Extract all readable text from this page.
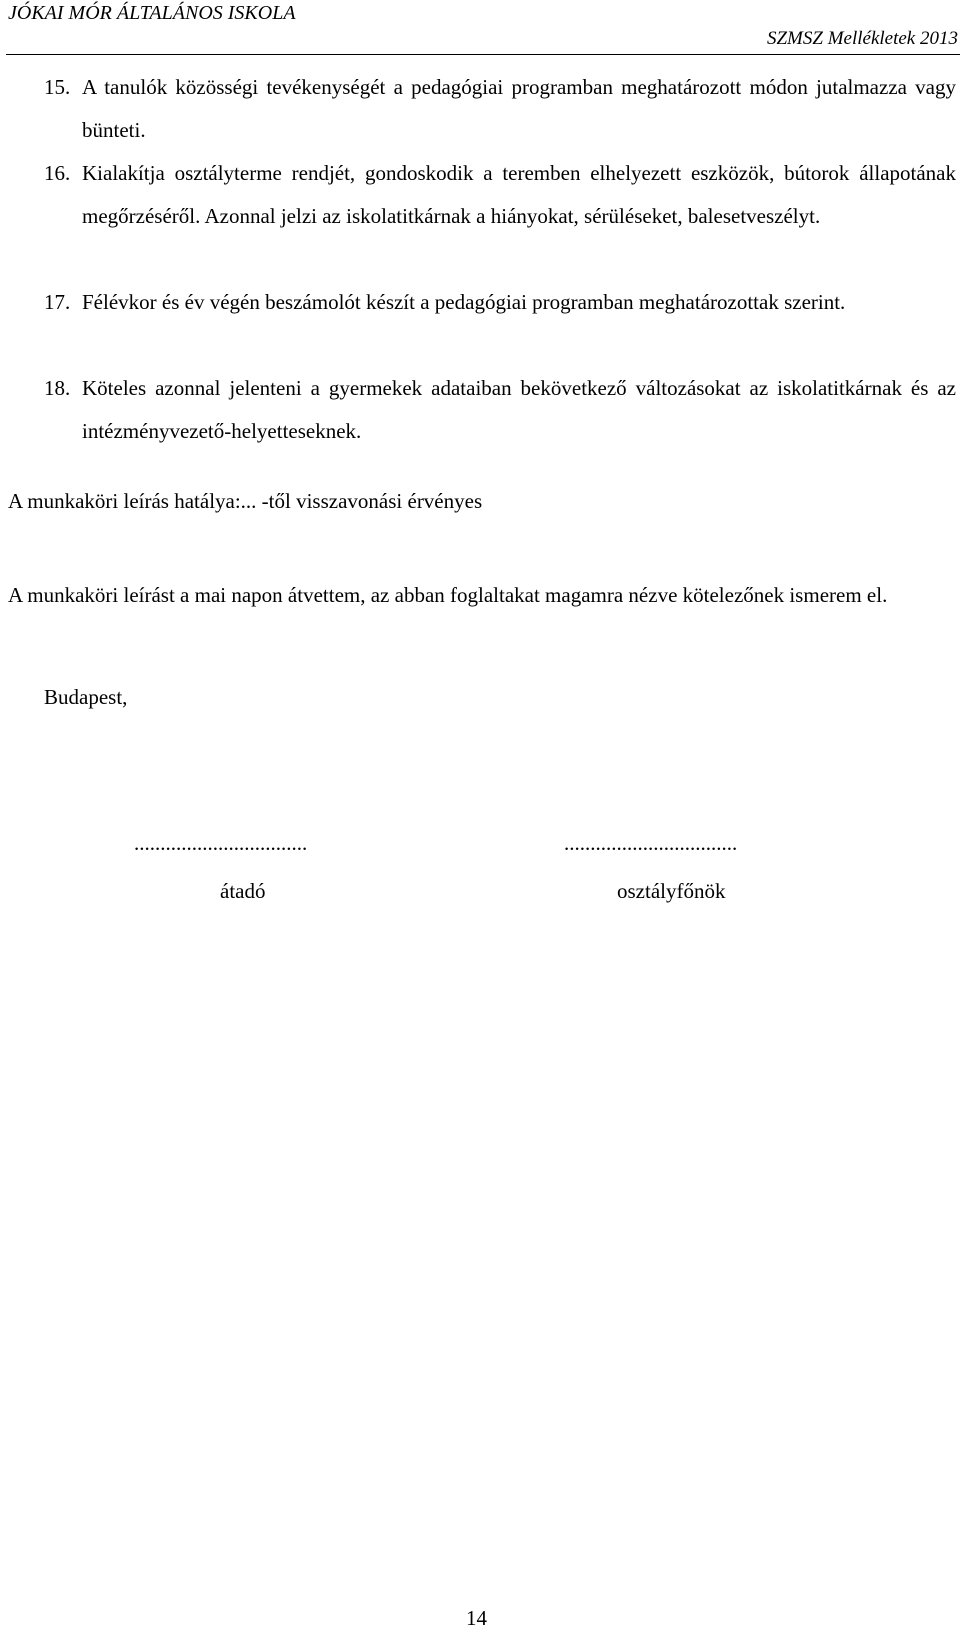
JÓKAI MÓR ÁLTALÁNOS ISKOLA
SZMSZ Mellékletek 2013
15. A tanulók közösségi tevékenységét a pedagógiai programban meghatározott módon jutalmazza vagy bünteti.
16. Kialakítja osztályterme rendjét, gondoskodik a teremben elhelyezett eszközök, bútorok állapotának megőrzéséről. Azonnal jelzi az iskolatitkárnak a hiányokat, sérüléseket, balesetveszélyt.
17. Félévkor és év végén beszámolót készít a pedagógiai programban meghatározottak szerint.
18. Köteles azonnal jelenteni a gyermekek adataiban bekövetkező változásokat az iskolatitkárnak és az intézményvezető-helyetteseknek.
A munkaköri leírás hatálya:... -től visszavonási érvényes
A munkaköri leírást a mai napon átvettem, az abban foglaltakat magamra nézve kötelezőnek ismerem el.
Budapest,
.................................	.................................
átadó	osztályfőnök
14
